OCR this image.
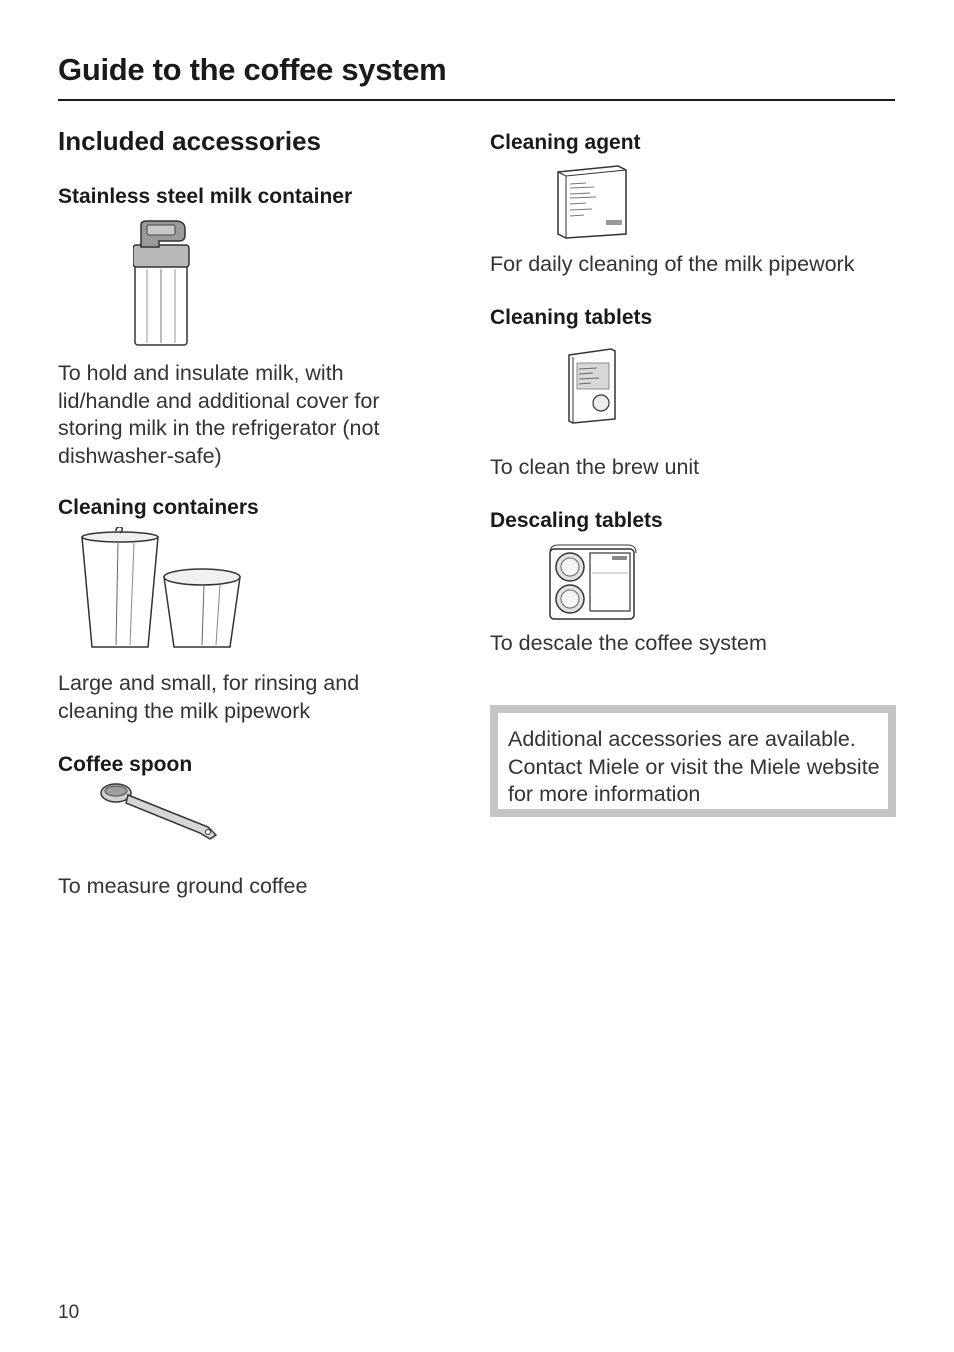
Guide to the coffee system
Included accessories
Stainless steel milk container

To hold and insulate milk, with lid/handle and additional cover for storing milk in the refrigerator (not dishwasher-safe)

Cleaning containers

Large and small, for rinsing and cleaning the milk pipework

Coffee spoon

To measure ground coffee

Cleaning agent

For daily cleaning of the milk pipework

Cleaning tablets

To clean the brew unit

Descaling tablets

To descale the coffee system

Additional accessories are available. Contact Miele or visit the Miele website for more information

10
